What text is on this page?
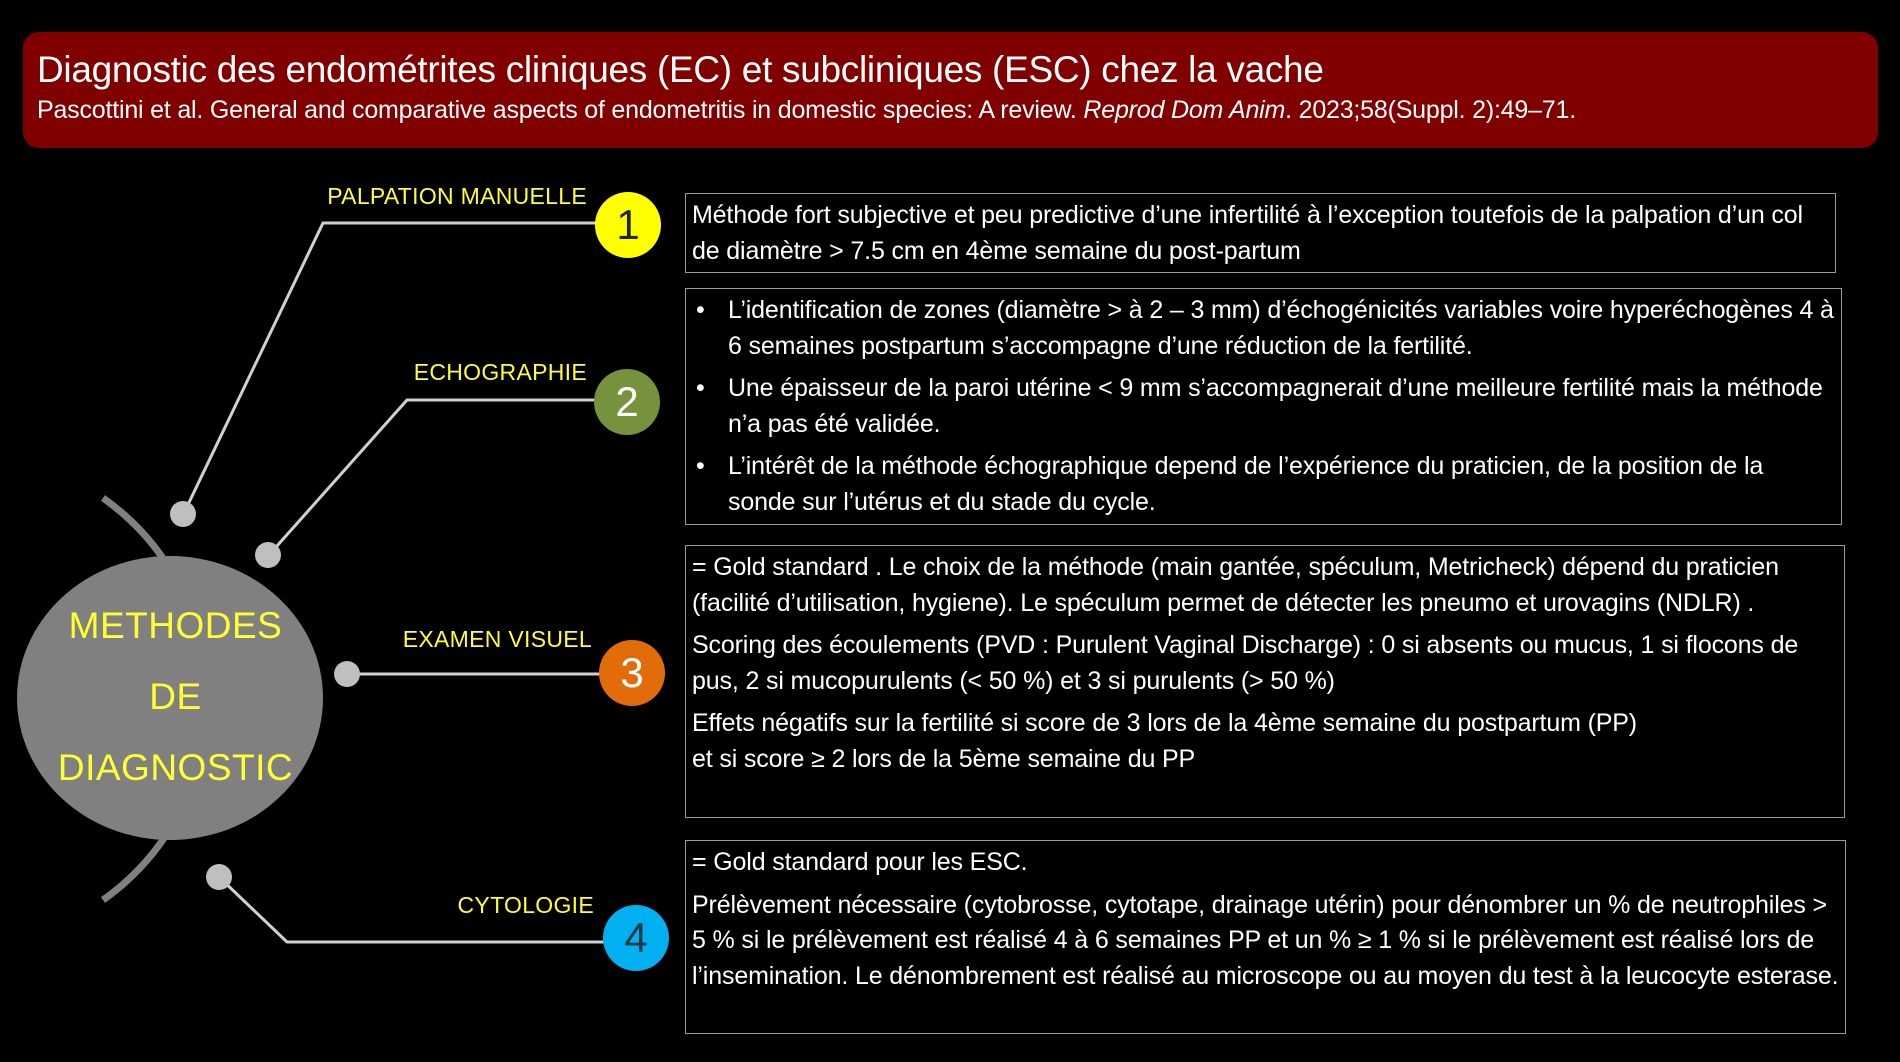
Diagnostic des endométrites cliniques (EC) et subcliniques (ESC) chez la vache
Pascottini et al. General and comparative aspects of endometritis in domestic species: A review. Reprod Dom Anim. 2023;58(Suppl. 2):49–71.
METHODES
DE
DIAGNOSTIC
PALPATION MANUELLE
ECHOGRAPHIE
EXAMEN VISUEL
CYTOLOGIE
1
2
3
4

Méthode fort subjective et peu predictive d’une infertilité à l’exception toutefois de la palpation d’un col de diamètre > 7.5 cm en 4ème semaine du post-partum

• L’identification de zones (diamètre > à 2 – 3 mm) d’échogénicités variables voire hyperéchogènes 4 à 6 semaines postpartum s’accompagne d’une réduction de la fertilité.
• Une épaisseur de la paroi utérine < 9 mm s’accompagnerait d’une meilleure fertilité mais la méthode n’a pas été validée.
• L’intérêt de la méthode échographique depend de l’expérience du praticien, de la position de la sonde sur l’utérus et du stade du cycle.

= Gold standard . Le choix de la méthode (main gantée, spéculum, Metricheck) dépend du praticien (facilité d’utilisation, hygiene). Le spéculum permet de détecter les pneumo et urovagins (NDLR) .

Scoring des écoulements (PVD : Purulent Vaginal Discharge) : 0 si absents ou mucus, 1 si flocons de pus, 2 si mucopurulents (< 50 %) et 3 si purulents (> 50 %)

Effets négatifs sur la fertilité si score de 3 lors de la 4ème semaine du postpartum (PP)

et si score ≥ 2 lors de la 5ème semaine du PP

= Gold standard pour les ESC.

Prélèvement nécessaire (cytobrosse, cytotape, drainage utérin) pour dénombrer un % de neutrophiles > 5 % si le prélèvement est réalisé 4 à 6 semaines PP et un % ≥ 1 % si le prélèvement est réalisé lors de l’insemination. Le dénombrement est réalisé au microscope ou au moyen du test à la leucocyte esterase.
